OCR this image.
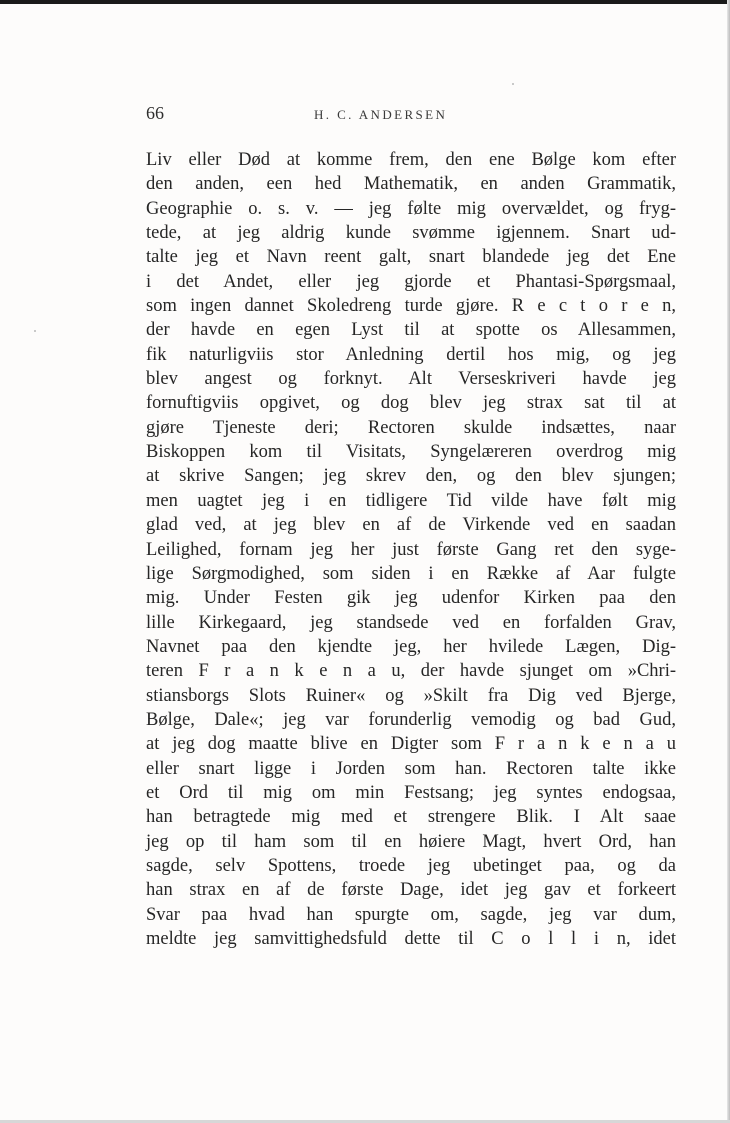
66	H. C. ANDERSEN
Liv eller Død at komme frem, den ene Bølge kom efter
den anden, een hed Mathematik, en anden Grammatik,
Geographie o. s. v. — jeg følte mig overvældet, og fryg-
tede, at jeg aldrig kunde svømme igjennem. Snart ud-
talte jeg et Navn reent galt, snart blandede jeg det Ene
i det Andet, eller jeg gjorde et Phantasi-Spørgsmaal,
som ingen dannet Skoledreng turde gjøre. R e c t o r e n,
der havde en egen Lyst til at spotte os Allesammen,
fik naturligviis stor Anledning dertil hos mig, og jeg
blev angest og forknyt. Alt Verseskriveri havde jeg
fornuftigviis opgivet, og dog blev jeg strax sat til at
gjøre Tjeneste deri; Rectoren skulde indsættes, naar
Biskoppen kom til Visitats, Syngelæreren overdrog mig
at skrive Sangen; jeg skrev den, og den blev sjungen;
men uagtet jeg i en tidligere Tid vilde have følt mig
glad ved, at jeg blev en af de Virkende ved en saadan
Leilighed, fornam jeg her just første Gang ret den syge-
lige Sørgmodighed, som siden i en Række af Aar fulgte
mig. Under Festen gik jeg udenfor Kirken paa den
lille Kirkegaard, jeg standsede ved en forfalden Grav,
Navnet paa den kjendte jeg, her hvilede Lægen, Dig-
teren F r a n k e n a u, der havde sjunget om »Chri-
stiansborgs Slots Ruiner« og »Skilt fra Dig ved Bjerge,
Bølge, Dale«; jeg var forunderlig vemodig og bad Gud,
at jeg dog maatte blive en Digter som F r a n k e n a u
eller snart ligge i Jorden som han. Rectoren talte ikke
et Ord til mig om min Festsang; jeg syntes endogsaa,
han betragtede mig med et strengere Blik. I Alt saae
jeg op til ham som til en høiere Magt, hvert Ord, han
sagde, selv Spottens, troede jeg ubetinget paa, og da
han strax en af de første Dage, idet jeg gav et forkeert
Svar paa hvad han spurgte om, sagde, jeg var dum,
meldte jeg samvittighedsfuld dette til C o l l i n, idet
